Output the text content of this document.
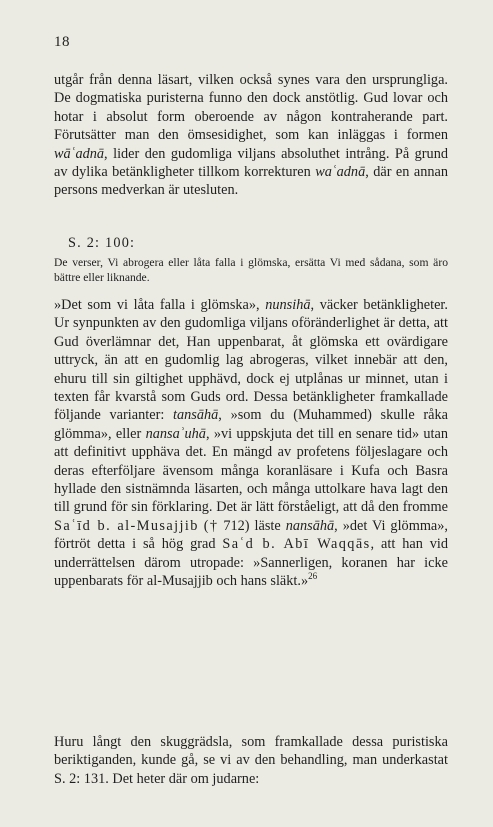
18

utgår från denna läsart, vilken också synes vara den ursprungliga. De dogmatiska puristerna funno den dock anstötlig. Gud lovar och hotar i absolut form oberoende av någon kontraherande part. Förutsätter man den ömsesidighet, som kan inläggas i formen wāʿadnā, lider den gudomliga viljans absoluthet intrång. På grund av dylika betänkligheter tillkom korrekturen waʿadnā, där en annan persons medverkan är utesluten.

S. 2: 100:

De verser, Vi abrogera eller låta falla i glömska, ersätta Vi med sådana, som äro bättre eller liknande.

»Det som vi låta falla i glömska», nunsihā, väcker betänkligheter. Ur synpunkten av den gudomliga viljans oföränderlighet är detta, att Gud överlämnar det, Han uppenbarat, åt glömska ett ovärdigare uttryck, än att en gudomlig lag abrogeras, vilket innebär att den, ehuru till sin giltighet upphävd, dock ej utplånas ur minnet, utan i texten får kvarstå som Guds ord. Dessa betänkligheter framkallade följande varianter: tansāhā, »som du (Muhammed) skulle råka glömma», eller nansaʾuhā, »vi uppskjuta det till en senare tid» utan att definitivt upphäva det. En mängd av profetens följeslagare och deras efterföljare ävensom många koranläsare i Kufa och Basra hyllade den sistnämnda läsarten, och många uttolkare hava lagt den till grund för sin förklaring. Det är lätt förståeligt, att då den fromme Saʿīd b. al-Musajjib († 712) läste nansāhā, »det Vi glömma», förtröt detta i så hög grad Saʿd b. Abī Waqqās, att han vid underrättelsen därom utropade: »Sannerligen, koranen har icke uppenbarats för al-Musajjib och hans släkt.»$^{26}$

Huru långt den skuggrädsla, som framkallade dessa puristiska beriktiganden, kunde gå, se vi av den behandling, man underkastat S. 2: 131. Det heter där om judarne:
